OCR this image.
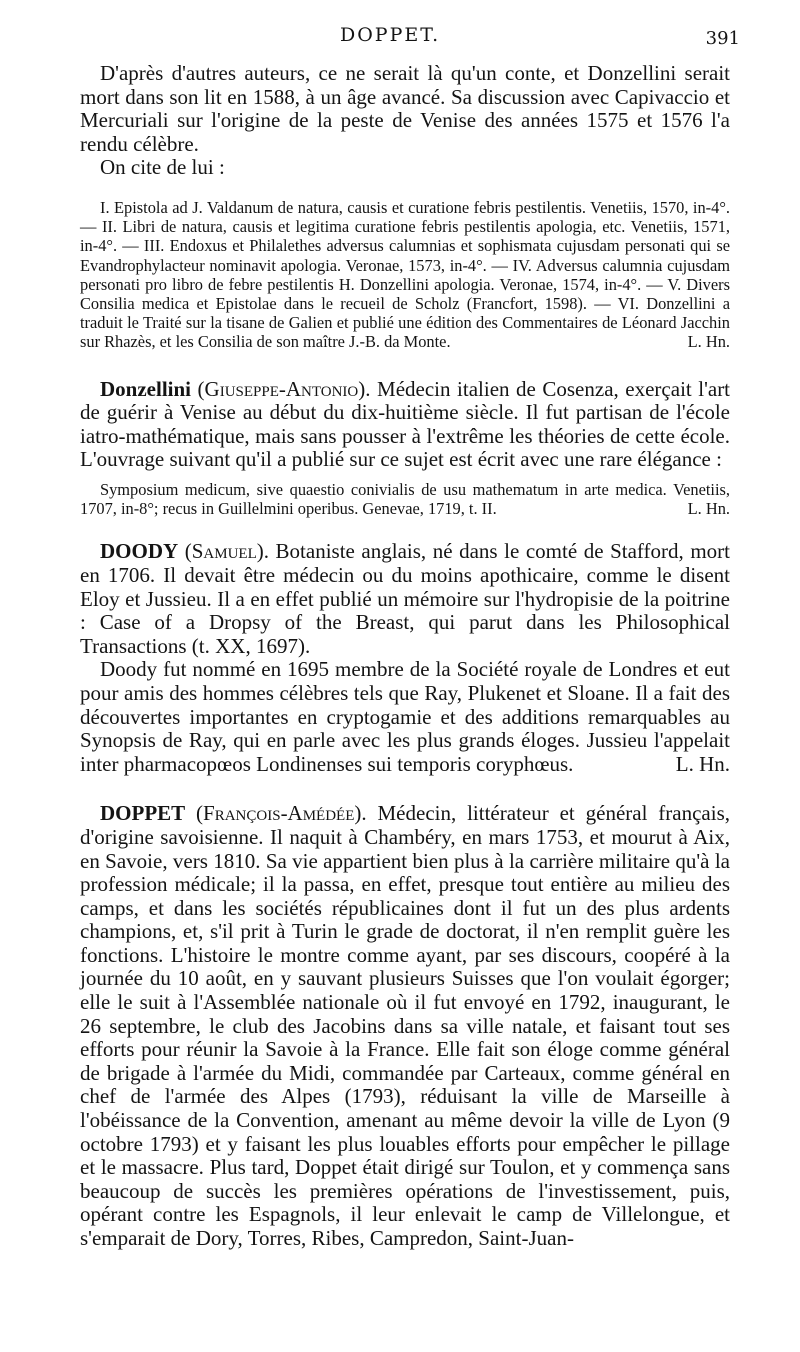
DOPPET.	391

D'après d'autres auteurs, ce ne serait là qu'un conte, et Donzellini serait mort dans son lit en 1588, à un âge avancé. Sa discussion avec Capivaccio et Mercuriali sur l'origine de la peste de Venise des années 1575 et 1576 l'a rendu célèbre.

On cite de lui :

I. Epistola ad J. Valdanum de natura, causis et curatione febris pestilentis. Venetiis, 1570, in-4°. — II. Libri de natura, causis et legitima curatione febris pestilentis apologia, etc. Venetiis, 1571, in-4°. — III. Endoxus et Philalethes adversus calumnias et sophismata cujusdam personati qui se Evandrophylacteur nominavit apologia. Veronae, 1573, in-4°. — IV. Adversus calumnia cujusdam personati pro libro de febre pestilentis H. Donzellini apologia. Veronae, 1574, in-4°. — V. Divers Consilia medica et Epistolae dans le recueil de Scholz (Francfort, 1598). — VI. Donzellini a traduit le Traité sur la tisane de Galien et publié une édition des Commentaires de Léonard Jacchin sur Rhazès, et les Consilia de son maître J.-B. da Monte.	L. Hn.

Donzellini (Giuseppe-Antonio). Médecin italien de Cosenza, exerçait l'art de guérir à Venise au début du dix-huitième siècle. Il fut partisan de l'école iatro-mathématique, mais sans pousser à l'extrême les théories de cette école. L'ouvrage suivant qu'il a publié sur ce sujet est écrit avec une rare élégance :

Symposium medicum, sive quaestio conivialis de usu mathematum in arte medica. Venetiis, 1707, in-8°; recus in Guillelmini operibus. Genevae, 1719, t. II.	L. Hn.

DOODY (Samuel). Botaniste anglais, né dans le comté de Stafford, mort en 1706. Il devait être médecin ou du moins apothicaire, comme le disent Eloy et Jussieu. Il a en effet publié un mémoire sur l'hydropisie de la poitrine : Case of a Dropsy of the Breast, qui parut dans les Philosophical Transactions (t. XX, 1697).

Doody fut nommé en 1695 membre de la Société royale de Londres et eut pour amis des hommes célèbres tels que Ray, Plukenet et Sloane. Il a fait des découvertes importantes en cryptogamie et des additions remarquables au Synopsis de Ray, qui en parle avec les plus grands éloges. Jussieu l'appelait inter pharmacopœos Londinenses sui temporis coryphœus.	L. Hn.

DOPPET (François-Amédée). Médecin, littérateur et général français, d'origine savoisienne. Il naquit à Chambéry, en mars 1753, et mourut à Aix, en Savoie, vers 1810. Sa vie appartient bien plus à la carrière militaire qu'à la profession médicale; il la passa, en effet, presque tout entière au milieu des camps, et dans les sociétés républicaines dont il fut un des plus ardents champions, et, s'il prit à Turin le grade de doctorat, il n'en remplit guère les fonctions. L'histoire le montre comme ayant, par ses discours, coopéré à la journée du 10 août, en y sauvant plusieurs Suisses que l'on voulait égorger; elle le suit à l'Assemblée nationale où il fut envoyé en 1792, inaugurant, le 26 septembre, le club des Jacobins dans sa ville natale, et faisant tout ses efforts pour réunir la Savoie à la France. Elle fait son éloge comme général de brigade à l'armée du Midi, commandée par Carteaux, comme général en chef de l'armée des Alpes (1793), réduisant la ville de Marseille à l'obéissance de la Convention, amenant au même devoir la ville de Lyon (9 octobre 1793) et y faisant les plus louables efforts pour empêcher le pillage et le massacre. Plus tard, Doppet était dirigé sur Toulon, et y commença sans beaucoup de succès les premières opérations de l'investissement, puis, opérant contre les Espagnols, il leur enlevait le camp de Villelongue, et s'emparait de Dory, Torres, Ribes, Campredon, Saint-Juan-
